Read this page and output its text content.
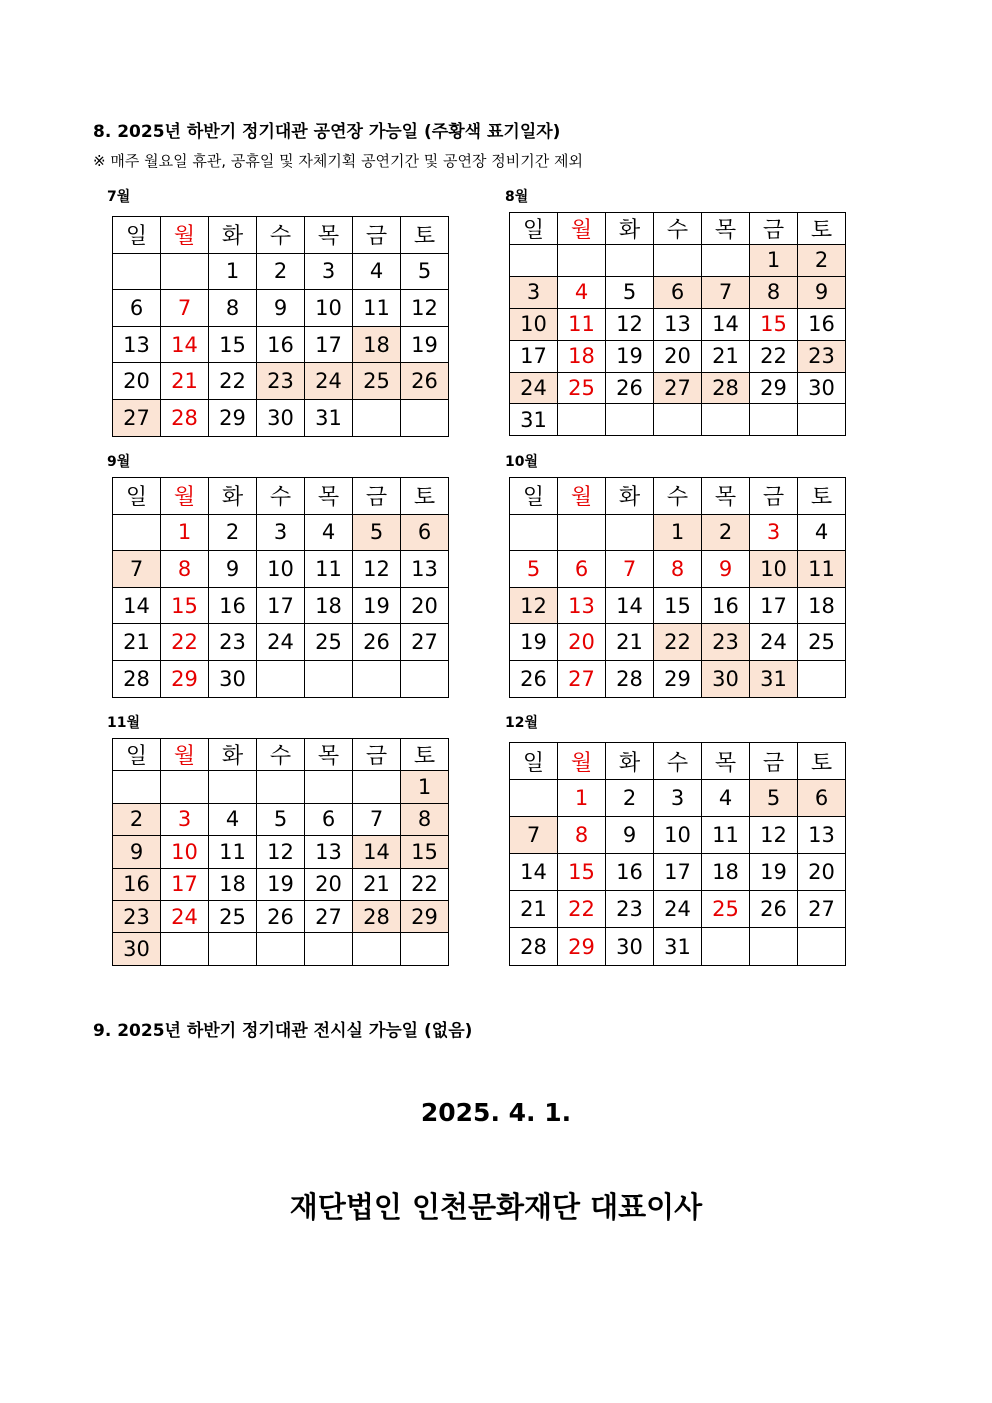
8. 2025년 하반기 정기대관 공연장 가능일 (주황색 표기일자)
※ 매주 월요일 휴관, 공휴일 및 자체기획 공연기간 및 공연장 정비기간 제외
7월
일	월	화	수	목	금	토
		1	2	3	4	5
6	7	8	9	10	11	12
13	14	15	16	17	18	19
20	21	22	23	24	25	26
27	28	29	30	31		
8월
일	월	화	수	목	금	토
					1	2
3	4	5	6	7	8	9
10	11	12	13	14	15	16
17	18	19	20	21	22	23
24	25	26	27	28	29	30
31						
9월
일	월	화	수	목	금	토
	1	2	3	4	5	6
7	8	9	10	11	12	13
14	15	16	17	18	19	20
21	22	23	24	25	26	27
28	29	30				
10월
일	월	화	수	목	금	토
			1	2	3	4
5	6	7	8	9	10	11
12	13	14	15	16	17	18
19	20	21	22	23	24	25
26	27	28	29	30	31	
11월
일	월	화	수	목	금	토
						1
2	3	4	5	6	7	8
9	10	11	12	13	14	15
16	17	18	19	20	21	22
23	24	25	26	27	28	29
30						
12월
일	월	화	수	목	금	토
	1	2	3	4	5	6
7	8	9	10	11	12	13
14	15	16	17	18	19	20
21	22	23	24	25	26	27
28	29	30	31			
9. 2025년 하반기 정기대관 전시실 가능일 (없음)
2025. 4. 1.
재단법인 인천문화재단 대표이사
